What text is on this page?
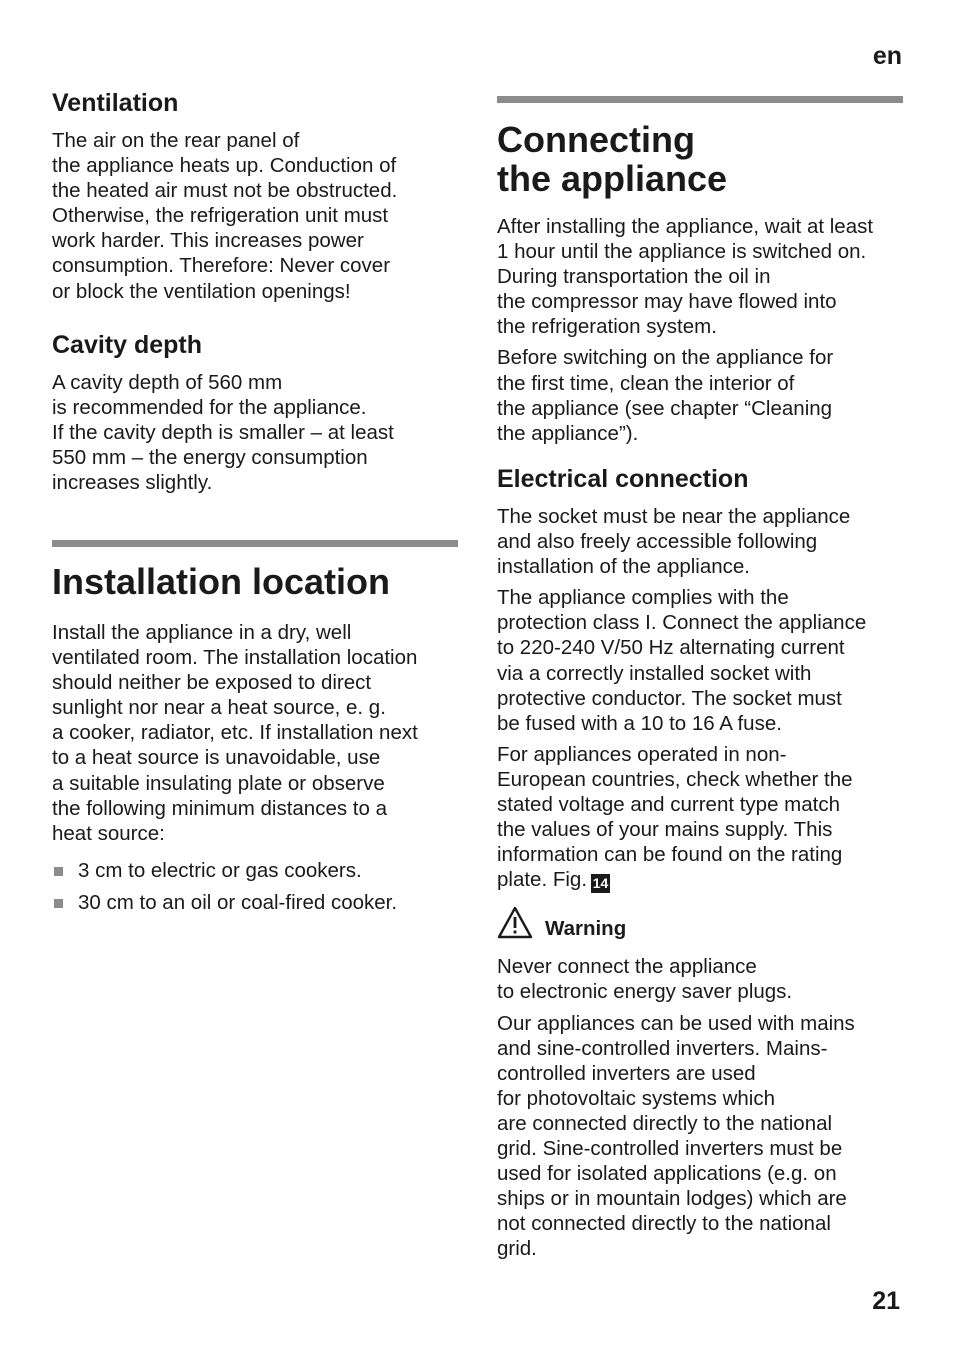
en
Ventilation

The air on the rear panel of
the appliance heats up. Conduction of
the heated air must not be obstructed.
Otherwise, the refrigeration unit must
work harder. This increases power
consumption. Therefore: Never cover
or block the ventilation openings!

Cavity depth

A cavity depth of 560 mm
is recommended for the appliance.
If the cavity depth is smaller – at least
550 mm – the energy consumption
increases slightly.

Installation location

Install the appliance in a dry, well
ventilated room. The installation location
should neither be exposed to direct
sunlight nor near a heat source, e. g.
a cooker, radiator, etc. If installation next
to a heat source is unavoidable, use
a suitable insulating plate or observe
the following minimum distances to a
heat source:

3 cm to electric or gas cookers.
30 cm to an oil or coal-fired cooker.
Connecting
the appliance

After installing the appliance, wait at least
1 hour until the appliance is switched on.
During transportation the oil in
the compressor may have flowed into
the refrigeration system.

Before switching on the appliance for
the first time, clean the interior of
the appliance (see chapter “Cleaning
the appliance”).

Electrical connection

The socket must be near the appliance
and also freely accessible following
installation of the appliance.

The appliance complies with the
protection class I. Connect the appliance
to 220-240 V/50 Hz alternating current
via a correctly installed socket with
protective conductor. The socket must
be fused with a 10 to 16 A fuse.

For appliances operated in non-
European countries, check whether the
stated voltage and current type match
the values of your mains supply. This
information can be found on the rating
plate. Fig. 14

Warning

Never connect the appliance
to electronic energy saver plugs.

Our appliances can be used with mains
and sine-controlled inverters. Mains-
controlled inverters are used
for photovoltaic systems which
are connected directly to the national
grid. Sine-controlled inverters must be
used for isolated applications (e.g. on
ships or in mountain lodges) which are
not connected directly to the national
grid.

21
